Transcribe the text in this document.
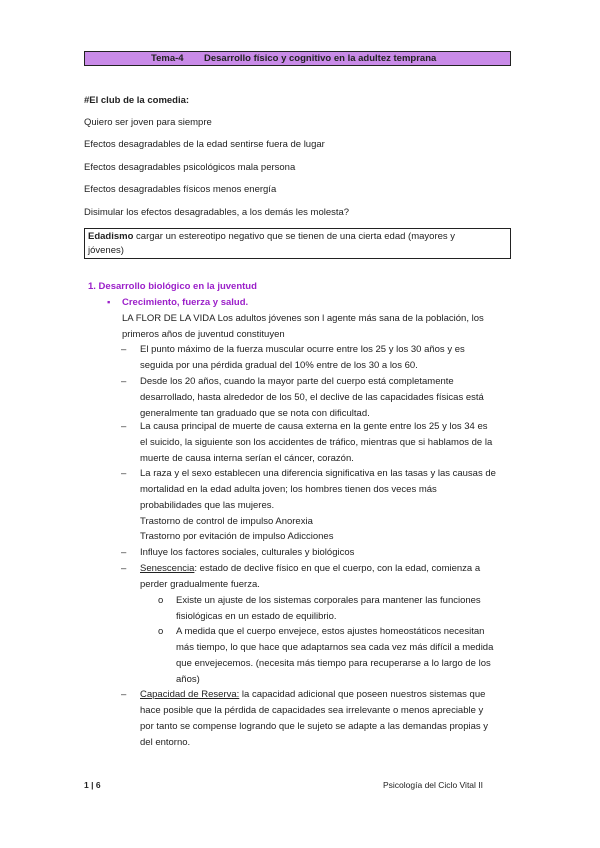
Tema-4 Desarrollo físico y cognitivo en la adultez temprana
#El club de la comedia:
Quiero ser joven para siempre
Efectos desagradables de la edad sentirse fuera de lugar
Efectos desagradables psicológicos mala persona
Efectos desagradables físicos menos energía
Disimular los efectos desagradables, a los demás les molesta?
Edadismo cargar un estereotipo negativo que se tienen de una cierta edad (mayores y
jóvenes)
1. Desarrollo biológico en la juventud
▪ Crecimiento, fuerza y salud.
LA FLOR DE LA VIDA Los adultos jóvenes son l agente más sana de la población, los
primeros años de juventud constituyen
– El punto máximo de la fuerza muscular ocurre entre los 25 y los 30 años y es
seguida por una pérdida gradual del 10% entre de los 30 a los 60.
– Desde los 20 años, cuando la mayor parte del cuerpo está completamente
desarrollado, hasta alrededor de los 50, el declive de las capacidades físicas está
generalmente tan graduado que se nota con dificultad.
– La causa principal de muerte de causa externa en la gente entre los 25 y los 34 es
el suicido, la siguiente son los accidentes de tráfico, mientras que si hablamos de la
muerte de causa interna serían el cáncer, corazón.
– La raza y el sexo establecen una diferencia significativa en las tasas y las causas de
mortalidad en la edad adulta joven; los hombres tienen dos veces más
probabilidades que las mujeres.
Trastorno de control de impulso Anorexia
Trastorno por evitación de impulso Adicciones
– Influye los factores sociales, culturales y biológicos
– Senescencia: estado de declive físico en que el cuerpo, con la edad, comienza a
perder gradualmente fuerza.
o Existe un ajuste de los sistemas corporales para mantener las funciones
fisiológicas en un estado de equilibrio.
o A medida que el cuerpo envejece, estos ajustes homeostáticos necesitan
más tiempo, lo que hace que adaptarnos sea cada vez más difícil a medida
que envejecemos. (necesita más tiempo para recuperarse a lo largo de los
años)
– Capacidad de Reserva: la capacidad adicional que poseen nuestros sistemas que
hace posible que la pérdida de capacidades sea irrelevante o menos apreciable y
por tanto se compense logrando que le sujeto se adapte a las demandas propias y
del entorno.
1 | 6	Psicología del Ciclo Vital II
